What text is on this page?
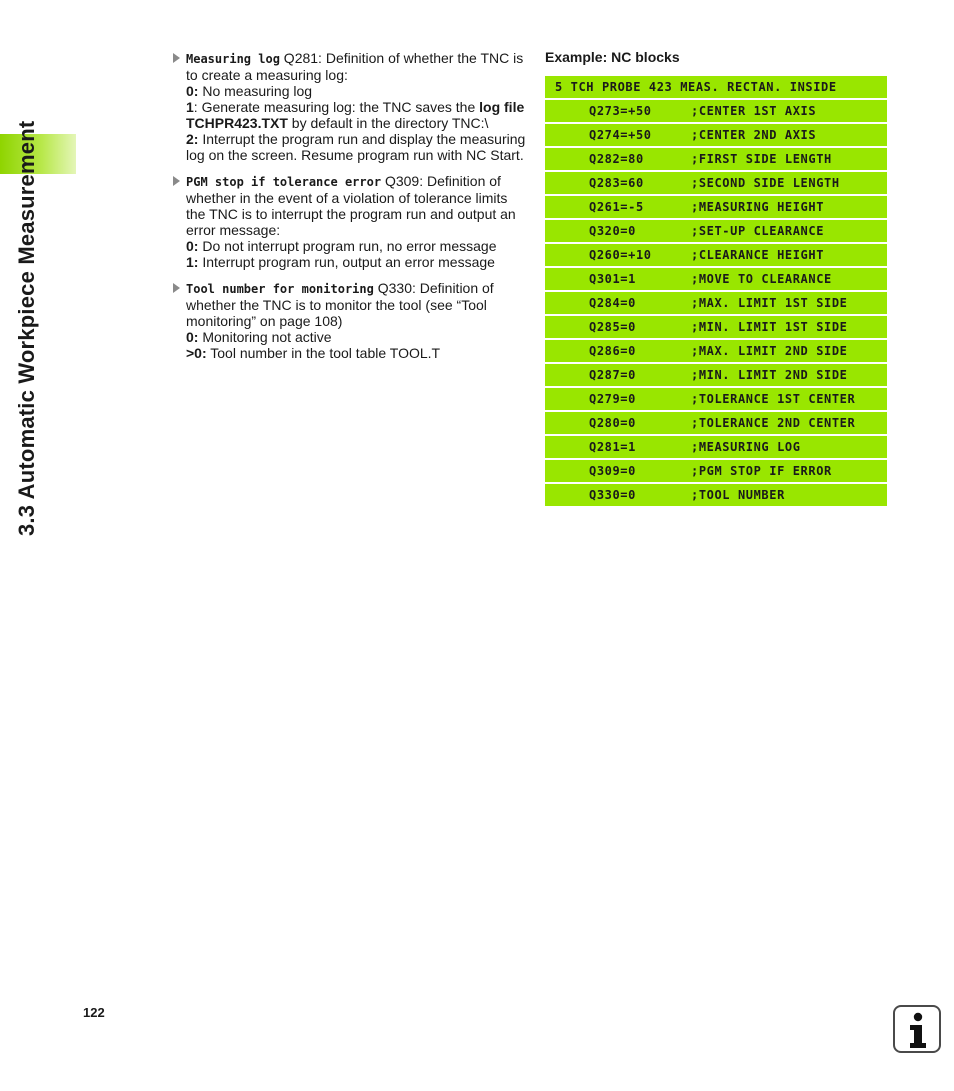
3.3 Automatic Workpiece Measurement
Measuring log Q281: Definition of whether the TNC is to create a measuring log:
0: No measuring log
1: Generate measuring log: the TNC saves the log file TCHPR423.TXT by default in the directory TNC:\
2: Interrupt the program run and display the measuring log on the screen. Resume program run with NC Start.
PGM stop if tolerance error Q309: Definition of whether in the event of a violation of tolerance limits the TNC is to interrupt the program run and output an error message:
0: Do not interrupt program run, no error message
1: Interrupt program run, output an error message
Tool number for monitoring Q330: Definition of whether the TNC is to monitor the tool (see “Tool monitoring” on page 108)
0: Monitoring not active
>0: Tool number in the tool table TOOL.T
Example: NC blocks
5 TCH PROBE 423 MEAS. RECTAN. INSIDE
Q273=+50	;CENTER 1ST AXIS
Q274=+50	;CENTER 2ND AXIS
Q282=80	;FIRST SIDE LENGTH
Q283=60	;SECOND SIDE LENGTH
Q261=-5	;MEASURING HEIGHT
Q320=0	;SET-UP CLEARANCE
Q260=+10	;CLEARANCE HEIGHT
Q301=1	;MOVE TO CLEARANCE
Q284=0	;MAX. LIMIT 1ST SIDE
Q285=0	;MIN. LIMIT 1ST SIDE
Q286=0	;MAX. LIMIT 2ND SIDE
Q287=0	;MIN. LIMIT 2ND SIDE
Q279=0	;TOLERANCE 1ST CENTER
Q280=0	;TOLERANCE 2ND CENTER
Q281=1	;MEASURING LOG
Q309=0	;PGM STOP IF ERROR
Q330=0	;TOOL NUMBER
122
